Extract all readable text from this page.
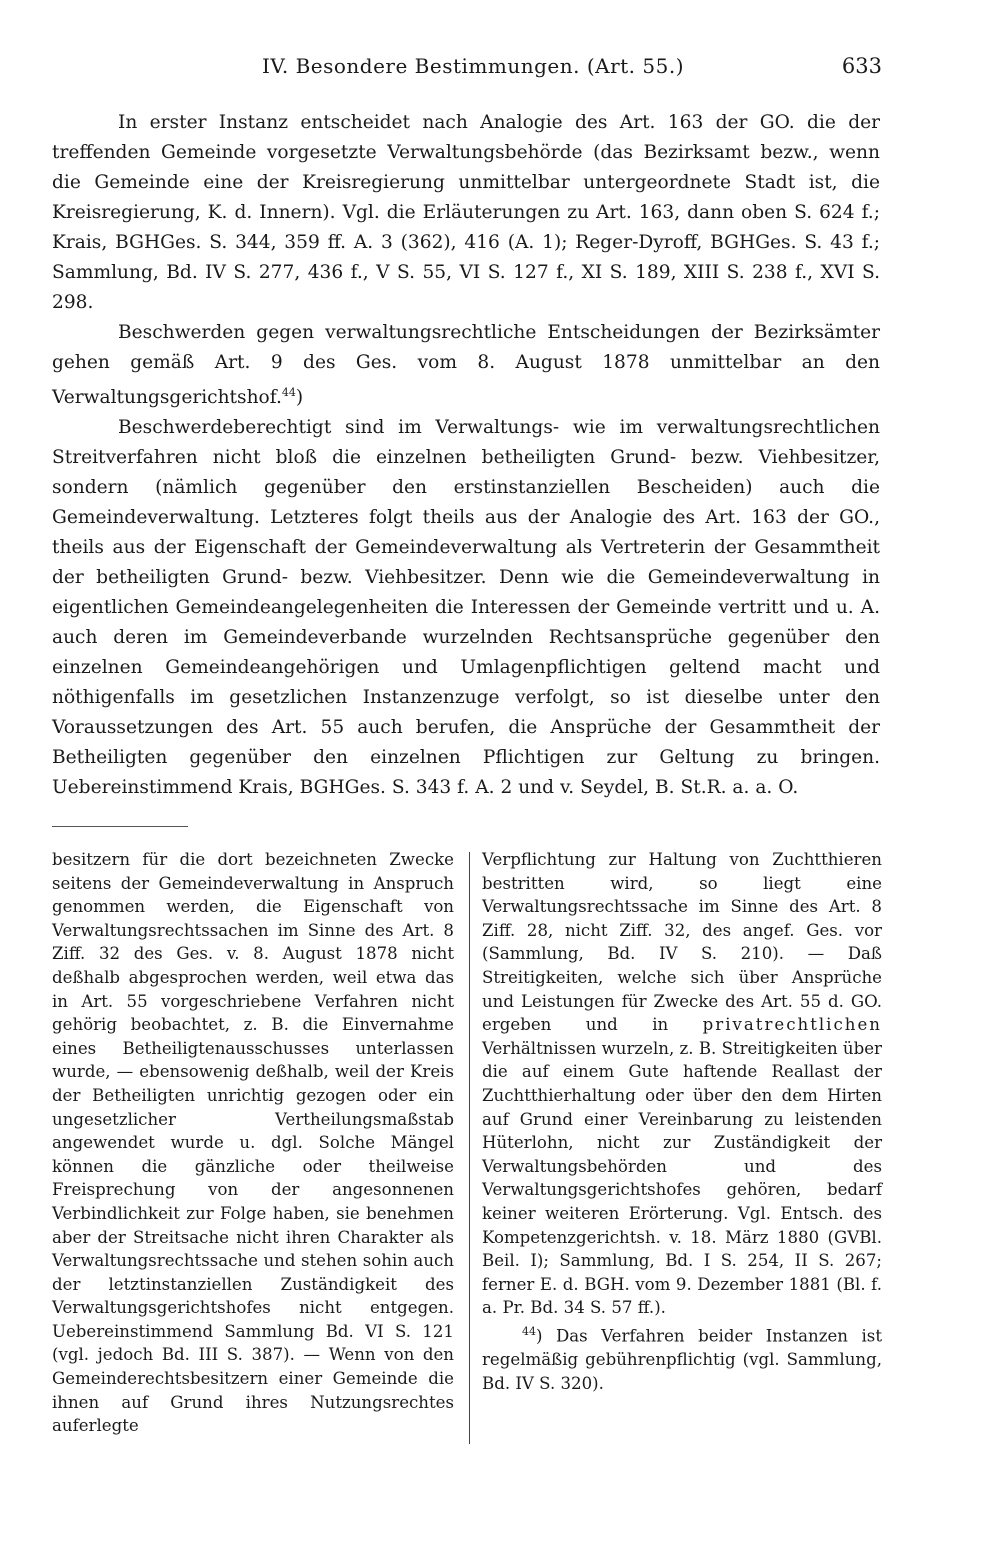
IV. Besondere Bestimmungen. (Art. 55.)	633

In erster Instanz entscheidet nach Analogie des Art. 163 der GO. die der treffenden Gemeinde vorgesetzte Verwaltungsbehörde (das Bezirksamt bezw., wenn die Gemeinde eine der Kreisregierung unmittelbar untergeordnete Stadt ist, die Kreisregierung, K. d. Innern). Vgl. die Erläuterungen zu Art. 163, dann oben S. 624 f.; Krais, BGHGes. S. 344, 359 ff. A. 3 (362), 416 (A. 1); Reger-Dyroff, BGHGes. S. 43 f.; Sammlung, Bd. IV S. 277, 436 f., V S. 55, VI S. 127 f., XI S. 189, XIII S. 238 f., XVI S. 298.

Beschwerden gegen verwaltungsrechtliche Entscheidungen der Bezirksämter gehen gemäß Art. 9 des Ges. vom 8. August 1878 unmittelbar an den Verwaltungsgerichtshof.$^{44}$)

Beschwerdeberechtigt sind im Verwaltungs- wie im verwaltungsrechtlichen Streitverfahren nicht bloß die einzelnen betheiligten Grund- bezw. Viehbesitzer, sondern (nämlich gegenüber den erstinstanziellen Bescheiden) auch die Gemeindeverwaltung. Letzteres folgt theils aus der Analogie des Art. 163 der GO., theils aus der Eigenschaft der Gemeindeverwaltung als Vertreterin der Gesammtheit der betheiligten Grund- bezw. Viehbesitzer. Denn wie die Gemeindeverwaltung in eigentlichen Gemeindeangelegenheiten die Interessen der Gemeinde vertritt und u. A. auch deren im Gemeindeverbande wurzelnden Rechtsansprüche gegenüber den einzelnen Gemeindeangehörigen und Umlagenpflichtigen geltend macht und nöthigenfalls im gesetzlichen Instanzenzuge verfolgt, so ist dieselbe unter den Voraussetzungen des Art. 55 auch berufen, die Ansprüche der Gesammtheit der Betheiligten gegenüber den einzelnen Pflichtigen zur Geltung zu bringen. Uebereinstimmend Krais, BGHGes. S. 343 f. A. 2 und v. Seydel, B. St.R. a. a. O.

besitzern für die dort bezeichneten Zwecke seitens der Gemeindeverwaltung in Anspruch genommen werden, die Eigenschaft von Verwaltungsrechtssachen im Sinne des Art. 8 Ziff. 32 des Ges. v. 8. August 1878 nicht deßhalb abgesprochen werden, weil etwa das in Art. 55 vorgeschriebene Verfahren nicht gehörig beobachtet, z. B. die Einvernahme eines Betheiligtenausschusses unterlassen wurde, — ebensowenig deßhalb, weil der Kreis der Betheiligten unrichtig gezogen oder ein ungesetzlicher Vertheilungsmaßstab angewendet wurde u. dgl. Solche Mängel können die gänzliche oder theilweise Freisprechung von der angesonnenen Verbindlichkeit zur Folge haben, sie benehmen aber der Streitsache nicht ihren Charakter als Verwaltungsrechtssache und stehen sohin auch der letztinstanziellen Zuständigkeit des Verwaltungsgerichtshofes nicht entgegen. Uebereinstimmend Sammlung Bd. VI S. 121 (vgl. jedoch Bd. III S. 387). — Wenn von den Gemeinderechtsbesitzern einer Gemeinde die ihnen auf Grund ihres Nutzungsrechtes auferlegte

Verpflichtung zur Haltung von Zuchtthieren bestritten wird, so liegt eine Verwaltungsrechtssache im Sinne des Art. 8 Ziff. 28, nicht Ziff. 32, des angef. Ges. vor (Sammlung, Bd. IV S. 210). — Daß Streitigkeiten, welche sich über Ansprüche und Leistungen für Zwecke des Art. 55 d. GO. ergeben und in privatrechtlichen Verhältnissen wurzeln, z. B. Streitigkeiten über die auf einem Gute haftende Reallast der Zuchtthierhaltung oder über den dem Hirten auf Grund einer Vereinbarung zu leistenden Hüterlohn, nicht zur Zuständigkeit der Verwaltungsbehörden und des Verwaltungsgerichtshofes gehören, bedarf keiner weiteren Erörterung. Vgl. Entsch. des Kompetenzgerichtsh. v. 18. März 1880 (GVBl. Beil. I); Sammlung, Bd. I S. 254, II S. 267; ferner E. d. BGH. vom 9. Dezember 1881 (Bl. f. a. Pr. Bd. 34 S. 57 ff.).

$^{44}$) Das Verfahren beider Instanzen ist regelmäßig gebührenpflichtig (vgl. Sammlung, Bd. IV S. 320).
